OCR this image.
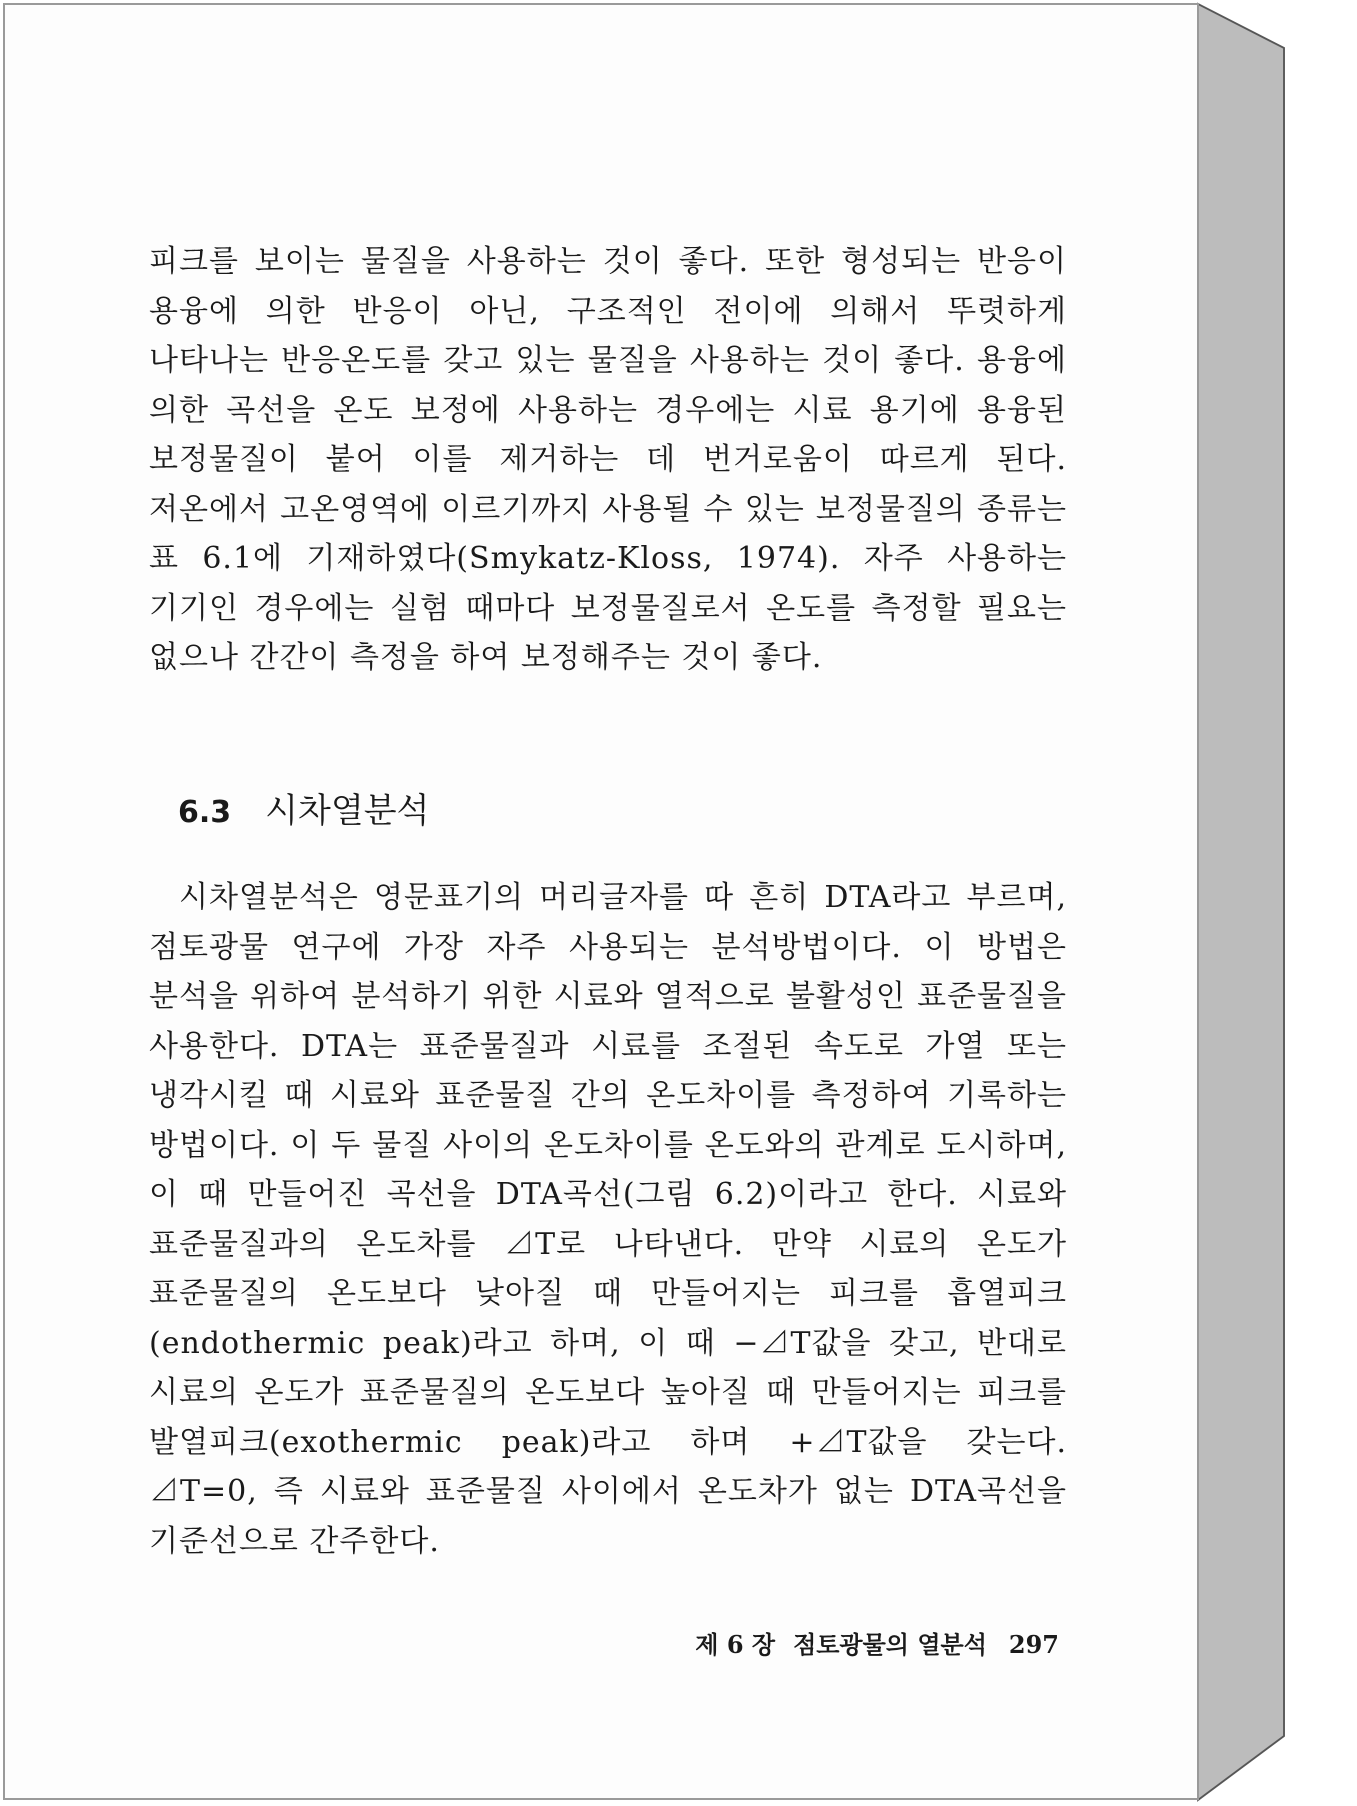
피크를 보이는 물질을 사용하는 것이 좋다. 또한 형성되는 반응이 용융에 의한 반응이 아닌, 구조적인 전이에 의해서 뚜렷하게 나타나는 반응온도를 갖고 있는 물질을 사용하는 것이 좋다. 용융에 의한 곡선을 온도 보정에 사용하는 경우에는 시료 용기에 용융된 보정물질이 붙어 이를 제거하는 데 번거로움이 따르게 된다. 저온에서 고온영역에 이르기까지 사용될 수 있는 보정물질의 종류는 표 6.1에 기재하였다(Smykatz-Kloss, 1974). 자주 사용하는 기기인 경우에는 실험 때마다 보정물질로서 온도를 측정할 필요는 없으나 간간이 측정을 하여 보정해주는 것이 좋다.

6.3 시차열분석

시차열분석은 영문표기의 머리글자를 따 흔히 DTA라고 부르며, 점토광물 연구에 가장 자주 사용되는 분석방법이다. 이 방법은 분석을 위하여 분석하기 위한 시료와 열적으로 불활성인 표준물질을 사용한다. DTA는 표준물질과 시료를 조절된 속도로 가열 또는 냉각시킬 때 시료와 표준물질 간의 온도차이를 측정하여 기록하는 방법이다. 이 두 물질 사이의 온도차이를 온도와의 관계로 도시하며, 이 때 만들어진 곡선을 DTA곡선(그림 6.2)이라고 한다. 시료와 표준물질과의 온도차를 ⊿T로 나타낸다. 만약 시료의 온도가 표준물질의 온도보다 낮아질 때 만들어지는 피크를 흡열피크(endothermic peak)라고 하며, 이 때 −⊿T값을 갖고, 반대로 시료의 온도가 표준물질의 온도보다 높아질 때 만들어지는 피크를 발열피크(exothermic peak)라고 하며 +⊿T값을 갖는다. ⊿T=0, 즉 시료와 표준물질 사이에서 온도차가 없는 DTA곡선을 기준선으로 간주한다.

제 6 장 점토광물의 열분석 297
